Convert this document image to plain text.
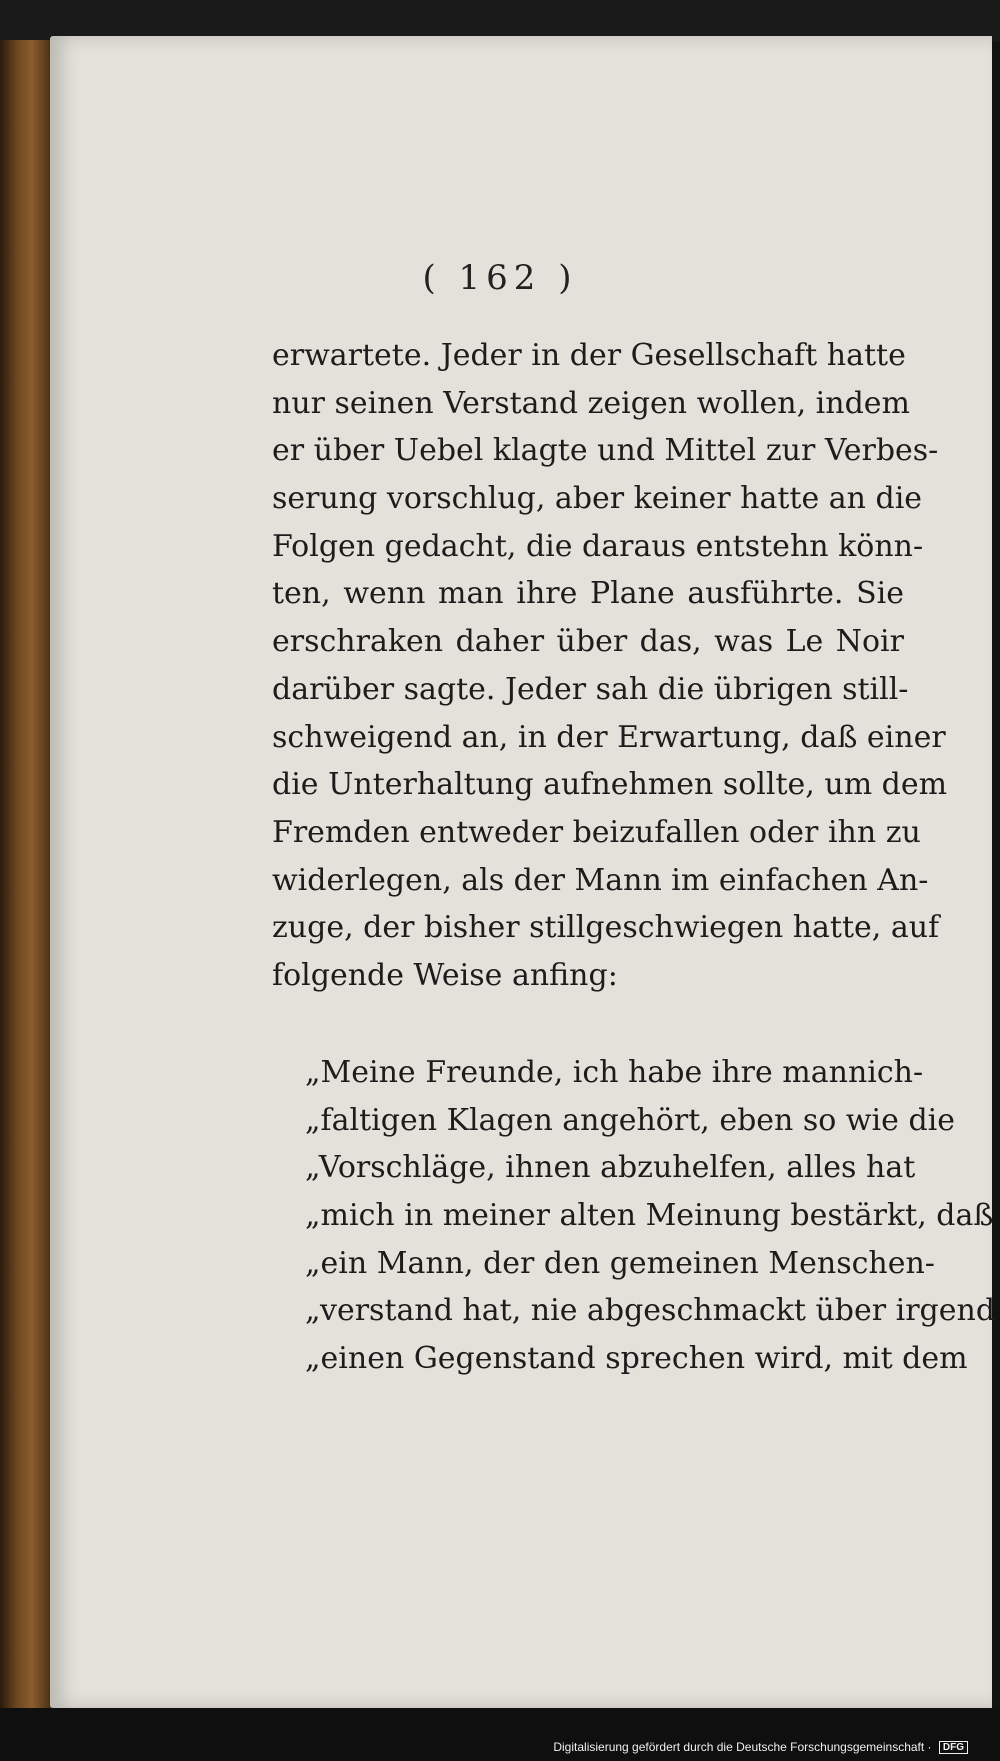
( 162 )
erwartete. Jeder in der Gesellschaft hatte
nur seinen Verstand zeigen wollen, indem
er über Uebel klagte und Mittel zur Verbes-
serung vorschlug, aber keiner hatte an die
Folgen gedacht, die daraus entstehn könn-
ten, wenn man ihre Plane ausführte. Sie
erschraken daher über das, was Le Noir
darüber sagte. Jeder sah die übrigen still-
schweigend an, in der Erwartung, daß einer
die Unterhaltung aufnehmen sollte, um dem
Fremden entweder beizufallen oder ihn zu
widerlegen, als der Mann im einfachen An-
zuge, der bisher stillgeschwiegen hatte, auf
folgende Weise anfing:
„Meine Freunde, ich habe ihre mannich-
„faltigen Klagen angehört, eben so wie die
„Vorschläge, ihnen abzuhelfen, alles hat
„mich in meiner alten Meinung bestärkt, daß
„ein Mann, der den gemeinen Menschen-
„verstand hat, nie abgeschmackt über irgend
„einen Gegenstand sprechen wird, mit dem
Digitalisierung gefördert durch die Deutsche Forschungsgemeinschaft · DFG
